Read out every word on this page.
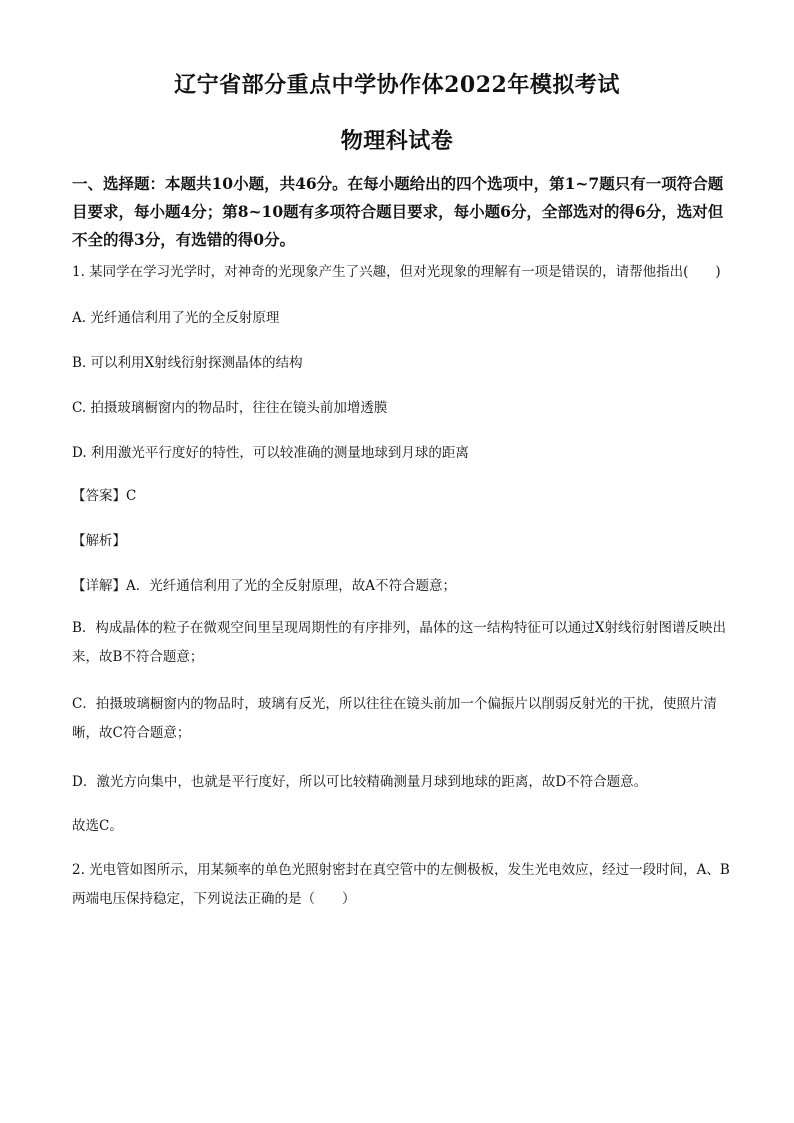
辽宁省部分重点中学协作体2022年模拟考试
物理科试卷
一、选择题：本题共10小题，共46分。在每小题给出的四个选项中，第1~7题只有一项符合题目要求，每小题4分；第8~10题有多项符合题目要求，每小题6分，全部选对的得6分，选对但不全的得3分，有选错的得0分。
1. 某同学在学习光学时，对神奇的光现象产生了兴趣，但对光现象的理解有一项是错误的，请帮他指出(　　)
A. 光纤通信利用了光的全反射原理
B. 可以利用X射线衍射探测晶体的结构
C. 拍摄玻璃橱窗内的物品时，往往在镜头前加增透膜
D. 利用激光平行度好的特性，可以较准确的测量地球到月球的距离
【答案】C
【解析】
【详解】A．光纤通信利用了光的全反射原理，故A不符合题意；
B．构成晶体的粒子在微观空间里呈现周期性的有序排列，晶体的这一结构特征可以通过X射线衍射图谱反映出来，故B不符合题意；
C．拍摄玻璃橱窗内的物品时，玻璃有反光，所以往往在镜头前加一个偏振片以削弱反射光的干扰，使照片清晰，故C符合题意；
D．激光方向集中，也就是平行度好，所以可比较精确测量月球到地球的距离，故D不符合题意。
故选C。
2. 光电管如图所示，用某频率的单色光照射密封在真空管中的左侧极板，发生光电效应，经过一段时间，A、B两端电压保持稳定，下列说法正确的是（　　）
